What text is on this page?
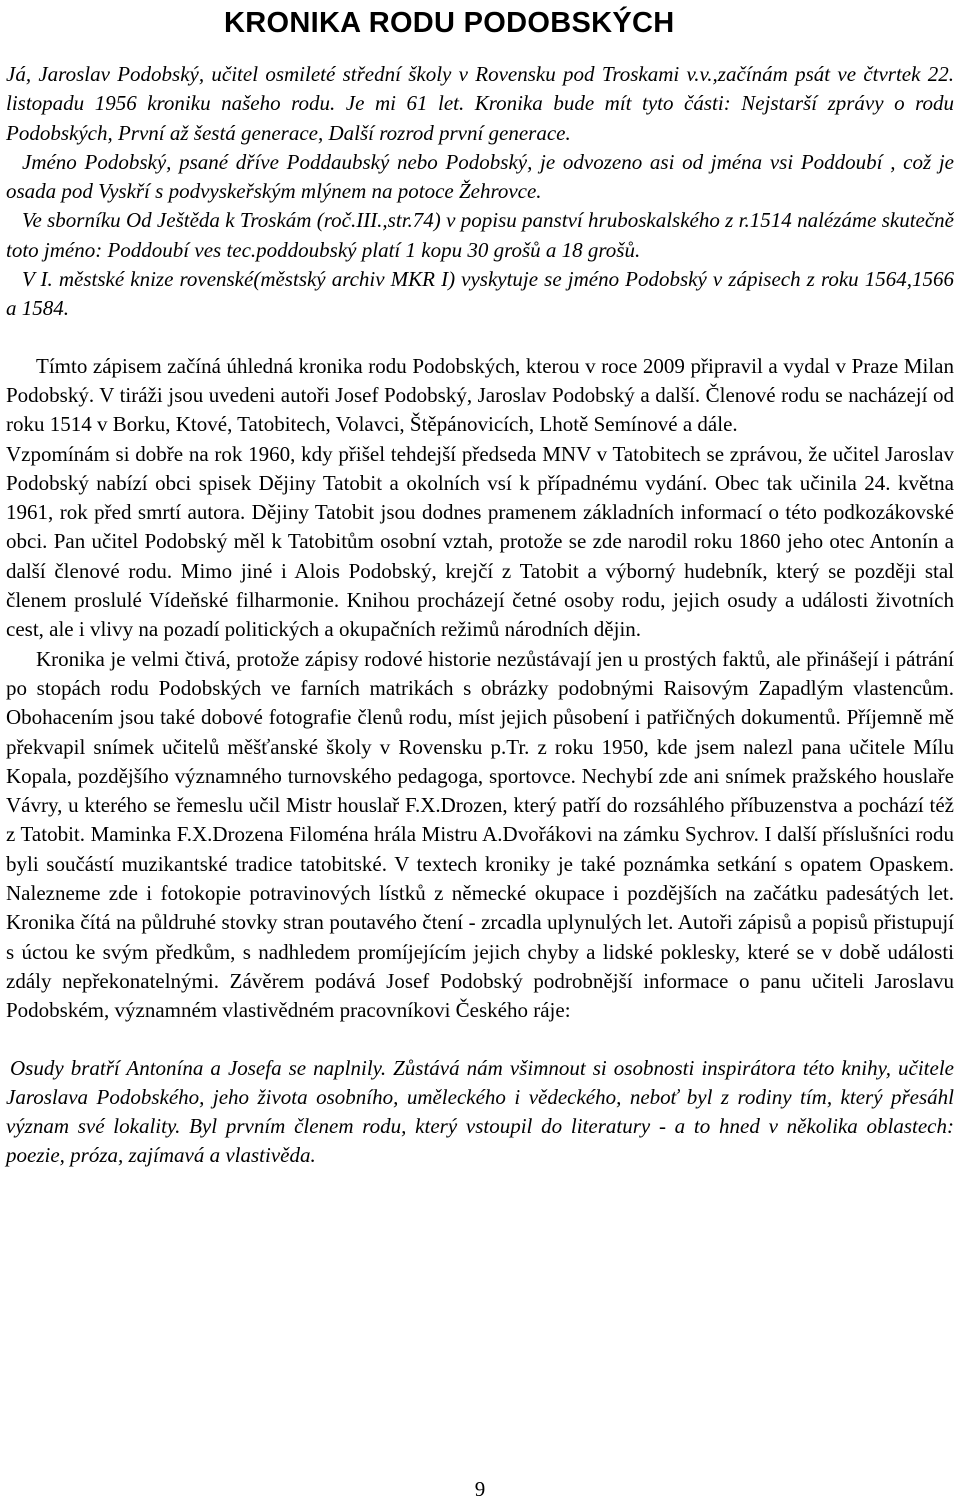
KRONIKA RODU PODOBSKÝCH

Já, Jaroslav Podobský, učitel osmileté střední školy v Rovensku pod Troskami v.v.,začínám psát ve čtvrtek 22. listopadu 1956 kroniku našeho rodu. Je mi 61 let. Kronika bude mít tyto části: Nejstarší zprávy o rodu Podobských, První až šestá generace, Další rozrod první generace.

Jméno Podobský, psané dříve Poddaubský nebo Podobský, je odvozeno asi od jména vsi Poddoubí , což je osada pod Vyskří s podvyskeřským mlýnem na potoce Žehrovce.

Ve sborníku Od Ještěda k Troskám (roč.III.,str.74) v popisu panství hruboskalského z r.1514 nalézáme skutečně toto jméno: Poddoubí ves tec.poddoubský platí 1 kopu 30 grošů a 18 grošů.

V I. městské knize rovenské(městský archiv MKR I) vyskytuje se jméno Podobský v zápisech z roku 1564,1566 a 1584.

Tímto zápisem začíná úhledná kronika rodu Podobských, kterou v roce 2009 připravil a vydal v Praze Milan Podobský. V tiráži jsou uvedeni autoři Josef Podobský, Jaroslav Podobský a další. Členové rodu se nacházejí od roku 1514 v Borku, Ktové, Tatobitech, Volavci, Štěpánovicích, Lhotě Semínové a dále.

Vzpomínám si dobře na rok 1960, kdy přišel tehdejší předseda MNV v Tatobitech se zprávou, že učitel Jaroslav Podobský nabízí obci spisek Dějiny Tatobit a okolních vsí k případnému vydání. Obec tak učinila 24. května 1961, rok před smrtí autora. Dějiny Tatobit jsou dodnes pramenem základních informací o této podkozákovské obci. Pan učitel Podobský měl k Tatobitům osobní vztah, protože se zde narodil roku 1860 jeho otec Antonín a další členové rodu. Mimo jiné i Alois Podobský, krejčí z Tatobit a výborný hudebník, který se později stal členem proslulé Vídeňské filharmonie. Knihou procházejí četné osoby rodu, jejich osudy a události životních cest, ale i vlivy na pozadí politických a okupačních režimů národních dějin.

Kronika je velmi čtivá, protože zápisy rodové historie nezůstávají jen u prostých faktů, ale přinášejí i pátrání po stopách rodu Podobských ve farních matrikách s obrázky podobnými Raisovým Zapadlým vlastencům. Obohacením jsou také dobové fotografie členů rodu, míst jejich působení i patřičných dokumentů. Příjemně mě překvapil snímek učitelů měšťanské školy v Rovensku p.Tr. z roku 1950, kde jsem nalezl pana učitele Mílu Kopala, pozdějšího významného turnovského pedagoga, sportovce. Nechybí zde ani snímek pražského houslaře Vávry, u kterého se řemeslu učil Mistr houslař F.X.Drozen, který patří do rozsáhlého příbuzenstva a pochází též z Tatobit. Maminka F.X.Drozena Filoména hrála Mistru A.Dvořákovi na zámku Sychrov. I další příslušníci rodu byli součástí muzikantské tradice tatobitské. V textech kroniky je také poznámka setkání s opatem Opaskem. Nalezneme zde i fotokopie potravinových lístků z německé okupace i pozdějších na začátku padesátých let. Kronika čítá na půldruhé stovky stran poutavého čtení - zrcadla uplynulých let. Autoři zápisů a popisů přistupují s úctou ke svým předkům, s nadhledem promíjejícím jejich chyby a lidské poklesky, které se v době události zdály nepřekonatelnými. Závěrem podává Josef Podobský podrobnější informace o panu učiteli Jaroslavu Podobském, významném vlastivědném pracovníkovi Českého ráje:

Osudy bratří Antonína a Josefa se naplnily. Zůstává nám všimnout si osobnosti inspirátora této knihy, učitele Jaroslava Podobského, jeho života osobního, uměleckého i vědeckého, neboť byl z rodiny tím, který přesáhl význam své lokality. Byl prvním členem rodu, který vstoupil do literatury - a to hned v několika oblastech: poezie, próza, zajímavá a vlastivěda.

9
